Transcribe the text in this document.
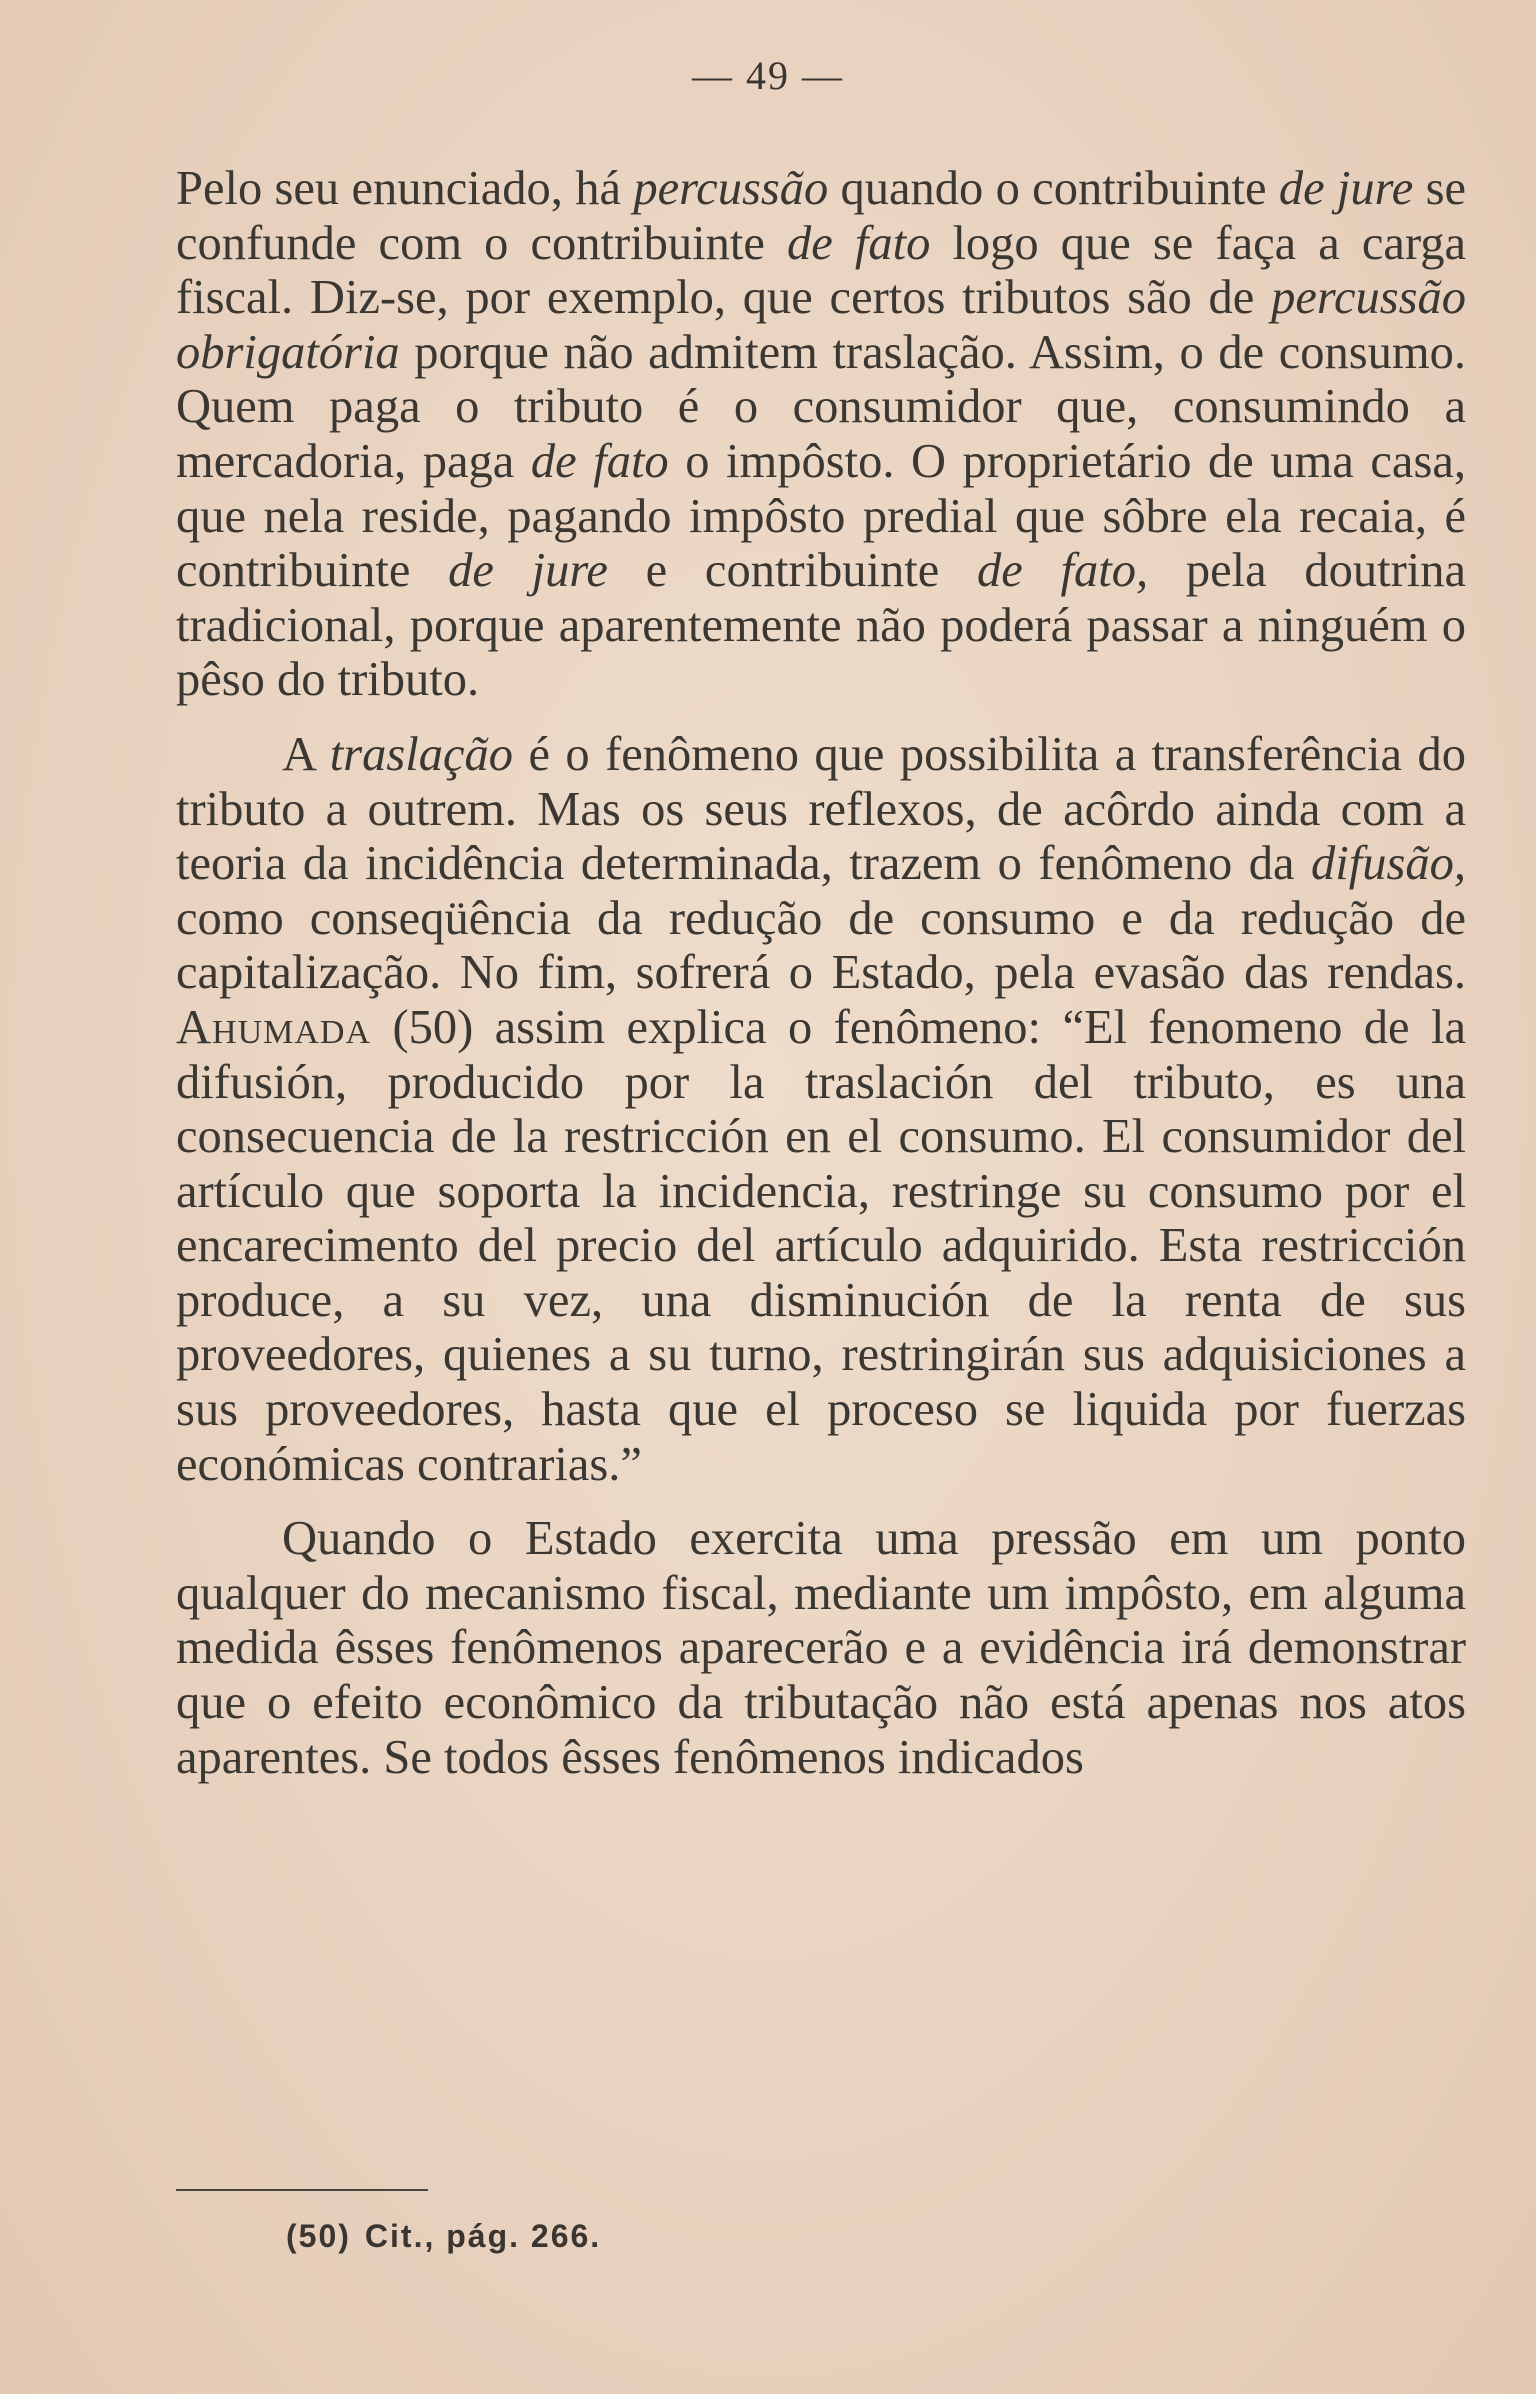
— 49 —

Pelo seu enunciado, há percussão quando o contribuinte de jure se confunde com o contribuinte de fato logo que se faça a carga fiscal. Diz-se, por exemplo, que certos tributos são de percussão obrigatória porque não admitem traslação. Assim, o de consumo. Quem paga o tributo é o consumidor que, consumindo a mercadoria, paga de fato o impôsto. O proprietário de uma casa, que nela reside, pagando impôsto predial que sôbre ela recaia, é contribuinte de jure e contribuinte de fato, pela doutrina tradicional, porque aparentemente não poderá passar a ninguém o pêso do tributo.

A traslação é o fenômeno que possibilita a transferência do tributo a outrem. Mas os seus reflexos, de acôrdo ainda com a teoria da incidência determinada, trazem o fenômeno da difusão, como conseqüência da redução de consumo e da redução de capitalização. No fim, sofrerá o Estado, pela evasão das rendas. Ahumada (50) assim explica o fenômeno: “El fenomeno de la difusión, producido por la traslación del tributo, es una consecuencia de la restricción en el consumo. El consumidor del artículo que soporta la incidencia, restringe su consumo por el encarecimento del precio del artículo adquirido. Esta restricción produce, a su vez, una disminución de la renta de sus proveedores, quienes a su turno, restringirán sus adquisiciones a sus proveedores, hasta que el proceso se liquida por fuerzas económicas contrarias.”

Quando o Estado exercita uma pressão em um ponto qualquer do mecanismo fiscal, mediante um impôsto, em alguma medida êsses fenômenos aparecerão e a evidência irá demonstrar que o efeito econômico da tributação não está apenas nos atos aparentes. Se todos êsses fenômenos indicados

(50) Cit., pág. 266.
